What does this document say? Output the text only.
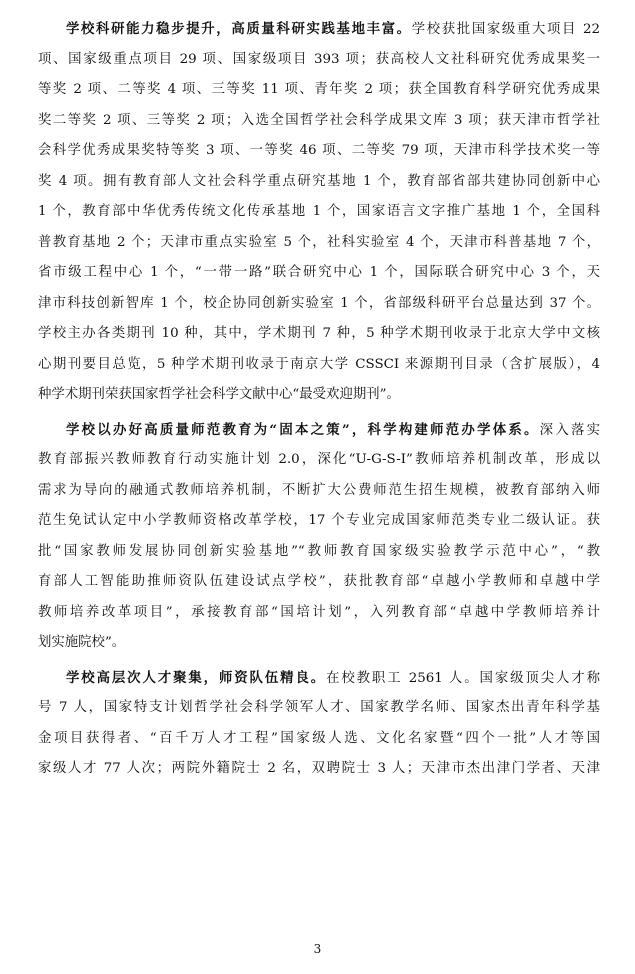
学校科研能力稳步提升，高质量科研实践基地丰富。学校获批国家级重大项目 22
项、国家级重点项目 29 项、国家级项目 393 项；获高校人文社科研究优秀成果奖一
等奖 2 项、二等奖 4 项、三等奖 11 项、青年奖 2 项；获全国教育科学研究优秀成果
奖二等奖 2 项、三等奖 2 项；入选全国哲学社会科学成果文库 3 项；获天津市哲学社
会科学优秀成果奖特等奖 3 项、一等奖 46 项、二等奖 79 项，天津市科学技术奖一等
奖 4 项。拥有教育部人文社会科学重点研究基地 1 个，教育部省部共建协同创新中心
1 个，教育部中华优秀传统文化传承基地 1 个，国家语言文字推广基地 1 个，全国科
普教育基地 2 个；天津市重点实验室 5 个，社科实验室 4 个，天津市科普基地 7 个，
省市级工程中心 1 个，“一带一路”联合研究中心 1 个，国际联合研究中心 3 个，天
津市科技创新智库 1 个，校企协同创新实验室 1 个，省部级科研平台总量达到 37 个。
学校主办各类期刊 10 种，其中，学术期刊 7 种，5 种学术期刊收录于北京大学中文核
心期刊要目总览，5 种学术期刊收录于南京大学 CSSCI 来源期刊目录（含扩展版），4
种学术期刊荣获国家哲学社会科学文献中心“最受欢迎期刊”。
学校以办好高质量师范教育为“固本之策”，科学构建师范办学体系。深入落实
教育部振兴教师教育行动实施计划 2.0，深化“U-G-S-I”教师培养机制改革，形成以
需求为导向的融通式教师培养机制，不断扩大公费师范生招生规模，被教育部纳入师
范生免试认定中小学教师资格改革学校，17 个专业完成国家师范类专业二级认证。获
批“国家教师发展协同创新实验基地”“教师教育国家级实验教学示范中心”，“教
育部人工智能助推师资队伍建设试点学校”，获批教育部“卓越小学教师和卓越中学
教师培养改革项目”，承接教育部“国培计划”，入列教育部“卓越中学教师培养计
划实施院校”。
学校高层次人才聚集，师资队伍精良。在校教职工 2561 人。国家级顶尖人才称
号 7 人，国家特支计划哲学社会科学领军人才、国家教学名师、国家杰出青年科学基
金项目获得者、“百千万人才工程”国家级人选、文化名家暨“四个一批”人才等国
家级人才 77 人次；两院外籍院士 2 名，双聘院士 3 人；天津市杰出津门学者、天津
3
